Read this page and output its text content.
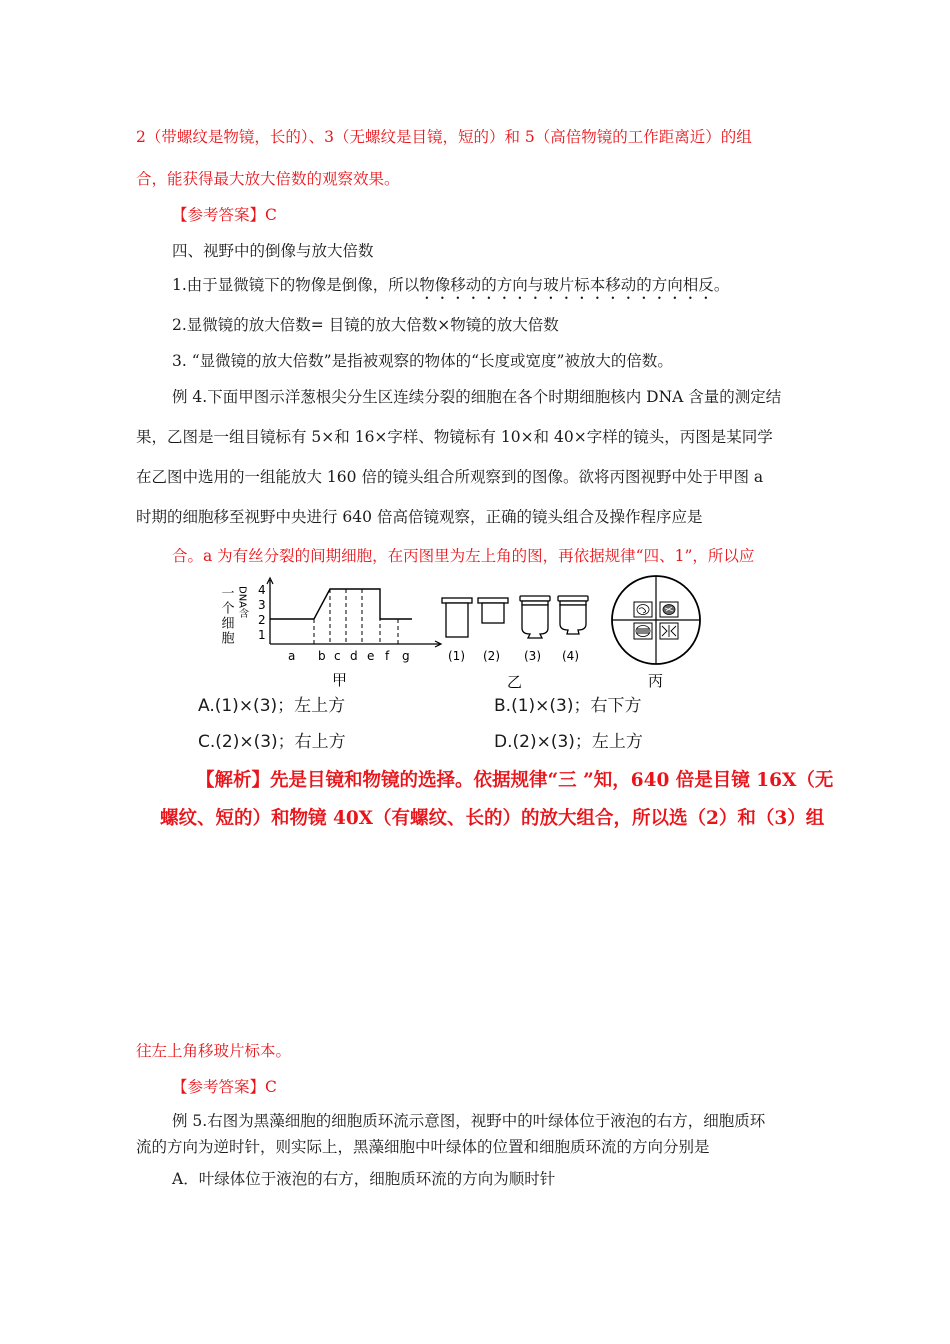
2（带螺纹是物镜，长的）、3（无螺纹是目镜，短的）和 5（高倍物镜的工作距离近）的组
合，能获得最大放大倍数的观察效果。
【参考答案】C
四、视野中的倒像与放大倍数
1.由于显微镜下的物像是倒像，所以物像移动的方向与玻片标本移动的方向相反。
2.显微镜的放大倍数= 目镜的放大倍数×物镜的放大倍数
3. “显微镜的放大倍数”是指被观察的物体的“长度或宽度”被放大的倍数。
例 4.下面甲图示洋葱根尖分生区连续分裂的细胞在各个时期细胞核内 DNA 含量的测定结
果，乙图是一组目镜标有 5×和 16×字样、物镜标有 10×和 40×字样的镜头，丙图是某同学
在乙图中选用的一组能放大 160 倍的镜头组合所观察到的图像。欲将丙图视野中处于甲图 a
时期的细胞移至视野中央进行 640 倍高倍镜观察，正确的镜头组合及操作程序应是
合。a 为有丝分裂的间期细胞，在丙图里为左上角的图，再依据规律“四、1”，所以应
一个细胞 DNA含 4
3
2
1
a b c d e f g
甲
(1) (2) (3) (4)
乙	丙
A.(1)×(3)；左上方	B.(1)×(3)；右下方
C.(2)×(3)；右上方	D.(2)×(3)；左上方
【解析】先是目镜和物镜的选择。依据规律“三 ”知，640 倍是目镜 16X（无
螺纹、短的）和物镜 40X（有螺纹、长的）的放大组合，所以选（2）和（3）组
往左上角移玻片标本。
【参考答案】C
例 5.右图为黑藻细胞的细胞质环流示意图，视野中的叶绿体位于液泡的右方，细胞质环
流的方向为逆时针，则实际上，黑藻细胞中叶绿体的位置和细胞质环流的方向分别是
A．叶绿体位于液泡的右方，细胞质环流的方向为顺时针
